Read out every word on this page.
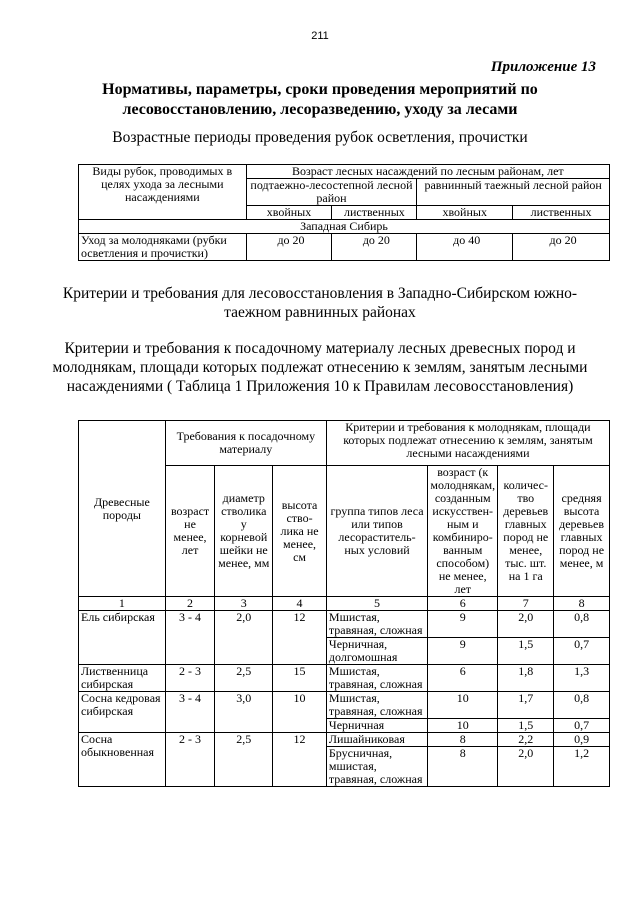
211
Приложение 13
Нормативы, параметры, сроки проведения мероприятий по лесовосстановлению, лесоразведению, уходу за лесами
Возрастные периоды проведения рубок осветления, прочистки
Виды рубок, проводимых в целях ухода за лесными насаждениями	Возраст лесных насаждений по лесным районам, лет			
	подтаежно-лесостепной лесной район		равнинный таежный лесной район	
	хвойных	лиственных	хвойных	лиственных
Западная Сибирь				
Уход за молодняками (рубки осветления и прочистки)	до 20	до 20	до 40	до 20
Критерии и требования для лесовосстановления в Западно-Сибирском южно-таежном равнинных районах
Критерии и требования к посадочному материалу лесных древесных пород и молоднякам, площади которых подлежат отнесению к землям, занятым лесными насаждениями ( Таблица 1 Приложения 10 к Правилам лесовосстановления)
Древесные породы	Требования к посадочному материалу			Критерии и требования к молоднякам, площади которых подлежат отнесению к землям, занятым лесными насаждениями			
	возраст не менее, лет	диаметр стволика у корневой шейки не менее, мм	высота ство-лика не менее, см	группа типов леса или типов лесораститель-ных условий	возраст (к молоднякам, созданным искусствен-ным и комбиниро-ванным способом) не менее, лет	количес-тво деревьев главных пород не менее, тыс. шт. на 1 га	средняя высота деревьев главных пород не менее, м
1	2	3	4	5	6	7	8
Ель сибирская	3 - 4	2,0	12	Мшистая, травяная, сложная	9	2,0	0,8
				Черничная, долгомошная	9	1,5	0,7
Лиственница сибирская	2 - 3	2,5	15	Мшистая, травяная, сложная	6	1,8	1,3
Сосна кедровая сибирская	3 - 4	3,0	10	Мшистая, травяная, сложная	10	1,7	0,8
				Черничная	10	1,5	0,7
Сосна обыкновенная	2 - 3	2,5	12	Лишайниковая	8	2,2	0,9
				Брусничная, мшистая, травяная, сложная	8	2,0	1,2
